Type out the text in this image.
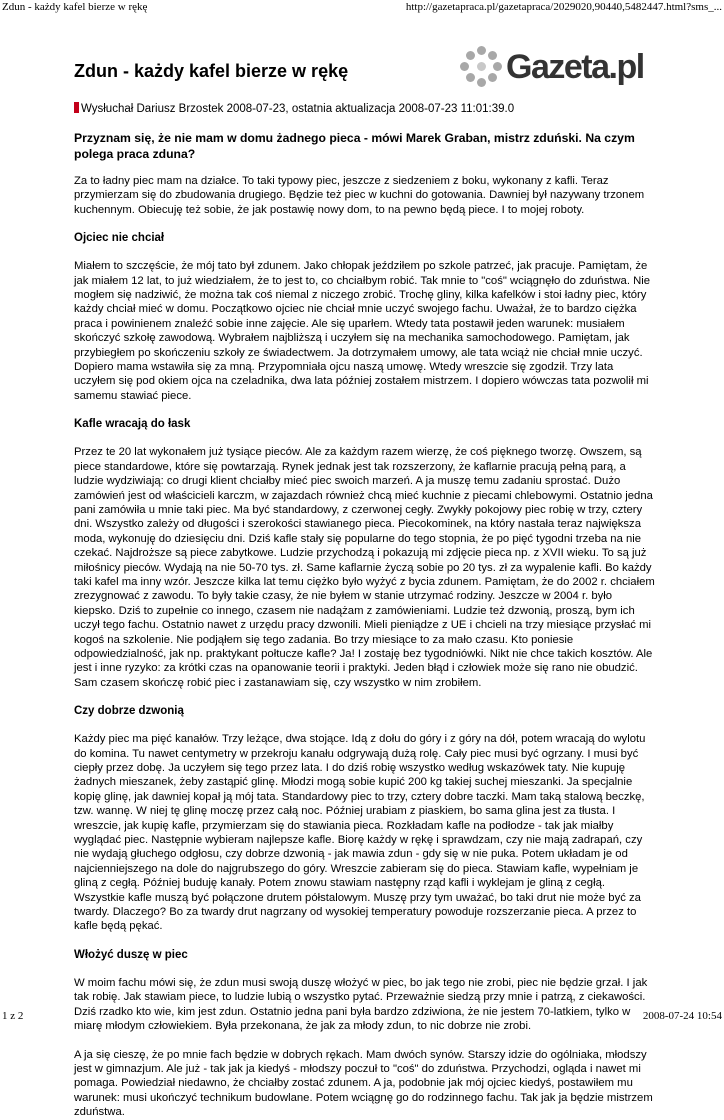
Zdun - każdy kafel bierze w rękę	http://gazetapraca.pl/gazetapraca/2029020,90440,5482447.html?sms_...
Gazeta.pl
Zdun - każdy kafel bierze w rękę
Wysłuchał Dariusz Brzostek 2008-07-23, ostatnia aktualizacja 2008-07-23 11:01:39.0
Przyznam się, że nie mam w domu żadnego pieca - mówi Marek Graban, mistrz zduński. Na czym polega praca zduna?

Za to ładny piec mam na działce. To taki typowy piec, jeszcze z siedzeniem z boku, wykonany z kafli. Teraz przymierzam się do zbudowania drugiego. Będzie też piec w kuchni do gotowania. Dawniej był nazywany trzonem kuchennym. Obiecuję też sobie, że jak postawię nowy dom, to na pewno będą piece. I to mojej roboty.

Ojciec nie chciał

Miałem to szczęście, że mój tato był zdunem. Jako chłopak jeździłem po szkole patrzeć, jak pracuje. Pamiętam, że jak miałem 12 lat, to już wiedziałem, że to jest to, co chciałbym robić. Tak mnie to "coś" wciągnęło do zduństwa. Nie mogłem się nadziwić, że można tak coś niemal z niczego zrobić. Trochę gliny, kilka kafelków i stoi ładny piec, który każdy chciał mieć w domu. Początkowo ojciec nie chciał mnie uczyć swojego fachu. Uważał, że to bardzo ciężka praca i powinienem znaleźć sobie inne zajęcie. Ale się uparłem. Wtedy tata postawił jeden warunek: musiałem skończyć szkołę zawodową. Wybrałem najbliższą i uczyłem się na mechanika samochodowego. Pamiętam, jak przybiegłem po skończeniu szkoły ze świadectwem. Ja dotrzymałem umowy, ale tata wciąż nie chciał mnie uczyć. Dopiero mama wstawiła się za mną. Przypomniała ojcu naszą umowę. Wtedy wreszcie się zgodził. Trzy lata uczyłem się pod okiem ojca na czeladnika, dwa lata później zostałem mistrzem. I dopiero wówczas tata pozwolił mi samemu stawiać piece.

Kafle wracają do łask

Przez te 20 lat wykonałem już tysiące pieców. Ale za każdym razem wierzę, że coś pięknego tworzę. Owszem, są piece standardowe, które się powtarzają. Rynek jednak jest tak rozszerzony, że kaflarnie pracują pełną parą, a ludzie wydziwiają: co drugi klient chciałby mieć piec swoich marzeń. A ja muszę temu zadaniu sprostać. Dużo zamówień jest od właścicieli karczm, w zajazdach również chcą mieć kuchnie z piecami chlebowymi. Ostatnio jedna pani zamówiła u mnie taki piec. Ma być standardowy, z czerwonej cegły. Zwykły pokojowy piec robię w trzy, cztery dni. Wszystko zależy od długości i szerokości stawianego pieca. Piecokominek, na który nastała teraz największa moda, wykonuję do dziesięciu dni. Dziś kafle stały się popularne do tego stopnia, że po pięć tygodni trzeba na nie czekać. Najdroższe są piece zabytkowe. Ludzie przychodzą i pokazują mi zdjęcie pieca np. z XVII wieku. To są już miłośnicy pieców. Wydają na nie 50-70 tys. zł. Same kaflarnie życzą sobie po 20 tys. zł za wypalenie kafli. Bo każdy taki kafel ma inny wzór. Jeszcze kilka lat temu ciężko było wyżyć z bycia zdunem. Pamiętam, że do 2002 r. chciałem zrezygnować z zawodu. To były takie czasy, że nie byłem w stanie utrzymać rodziny. Jeszcze w 2004 r. było kiepsko. Dziś to zupełnie co innego, czasem nie nadążam z zamówieniami. Ludzie też dzwonią, proszą, bym ich uczył tego fachu. Ostatnio nawet z urzędu pracy dzwonili. Mieli pieniądze z UE i chcieli na trzy miesiące przysłać mi kogoś na szkolenie. Nie podjąłem się tego zadania. Bo trzy miesiące to za mało czasu. Kto poniesie odpowiedzialność, jak np. praktykant połtucze kafle? Ja! I zostaję bez tygodniówki. Nikt nie chce takich kosztów. Ale jest i inne ryzyko: za krótki czas na opanowanie teorii i praktyki. Jeden błąd i człowiek może się rano nie obudzić. Sam czasem skończę robić piec i zastanawiam się, czy wszystko w nim zrobiłem.

Czy dobrze dzwonią

Każdy piec ma pięć kanałów. Trzy leżące, dwa stojące. Idą z dołu do góry i z góry na dół, potem wracają do wylotu do komina. Tu nawet centymetry w przekroju kanału odgrywają dużą rolę. Cały piec musi być ogrzany. I musi być ciepły przez dobę. Ja uczyłem się tego przez lata. I do dziś robię wszystko według wskazówek taty. Nie kupuję żadnych mieszanek, żeby zastąpić glinę. Młodzi mogą sobie kupić 200 kg takiej suchej mieszanki. Ja specjalnie kopię glinę, jak dawniej kopał ją mój tata. Standardowy piec to trzy, cztery dobre taczki. Mam taką stalową beczkę, tzw. wannę. W niej tę glinę moczę przez całą noc. Później urabiam z piaskiem, bo sama glina jest za tłusta. I wreszcie, jak kupię kafle, przymierzam się do stawiania pieca. Rozkładam kafle na podłodze - tak jak miałby wyglądać piec. Następnie wybieram najlepsze kafle. Biorę każdy w rękę i sprawdzam, czy nie mają zadrapań, czy nie wydają głuchego odgłosu, czy dobrze dzwonią - jak mawia zdun - gdy się w nie puka. Potem układam je od najcienniejszego na dole do najgrubszego do góry. Wreszcie zabieram się do pieca. Stawiam kafle, wypełniam je gliną z cegłą. Później buduję kanały. Potem znowu stawiam następny rząd kafli i wyklejam je gliną z cegłą. Wszystkie kafle muszą być połączone drutem półstalowym. Muszę przy tym uważać, bo taki drut nie może być za twardy. Dlaczego? Bo za twardy drut nagrzany od wysokiej temperatury powoduje rozszerzanie pieca. A przez to kafle będą pękać.

Włożyć duszę w piec

W moim fachu mówi się, że zdun musi swoją duszę włożyć w piec, bo jak tego nie zrobi, piec nie będzie grzał. I jak tak robię. Jak stawiam piece, to ludzie lubią o wszystko pytać. Przeważnie siedzą przy mnie i patrzą, z ciekawości. Dziś rzadko kto wie, kim jest zdun. Ostatnio jedna pani była bardzo zdziwiona, że nie jestem 70-latkiem, tylko w miarę młodym człowiekiem. Była przekonana, że jak za młody zdun, to nic dobrze nie zrobi.

A ja się cieszę, że po mnie fach będzie w dobrych rękach. Mam dwóch synów. Starszy idzie do ogólniaka, młodszy jest w gimnazjum. Ale już - tak jak ja kiedyś - młodszy poczuł to "coś" do zduństwa. Przychodzi, ogląda i nawet mi pomaga. Powiedział niedawno, że chciałby zostać zdunem. A ja, podobnie jak mój ojciec kiedyś, postawiłem mu warunek: musi ukończyć technikum budowlane. Potem wciągnę go do rodzinnego fachu. Tak jak ja będzie mistrzem zduństwa.

1 z 2	2008-07-24 10:54
